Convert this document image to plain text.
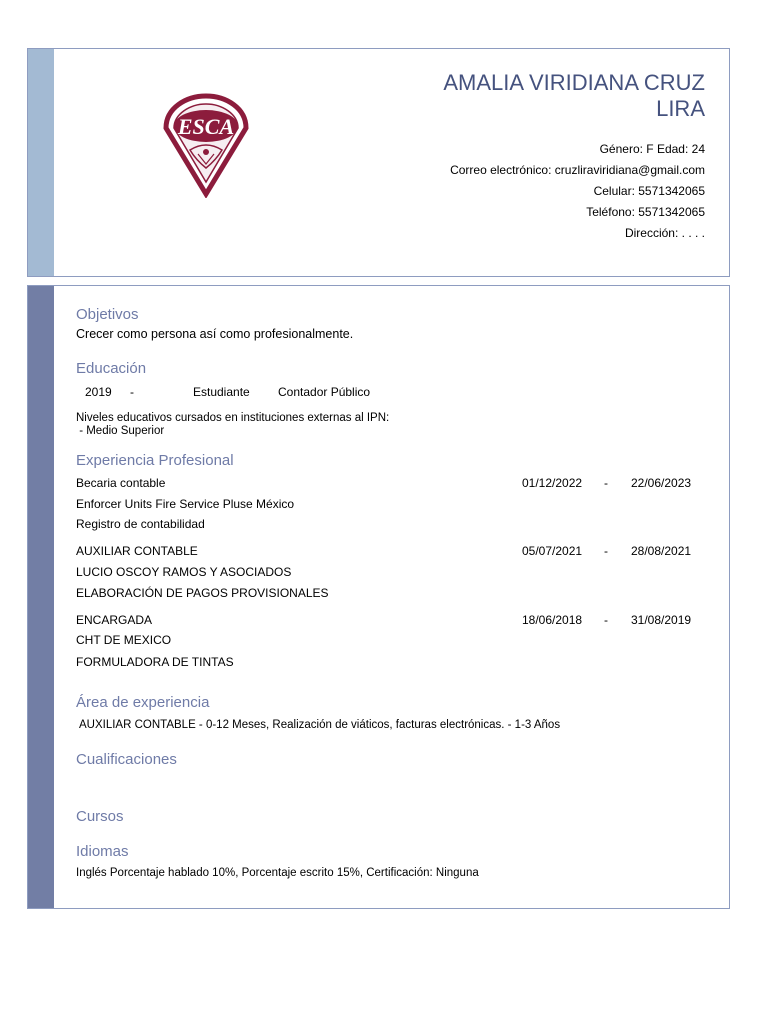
ESCA
AMALIA VIRIDIANA CRUZ
LIRA
Género: F Edad: 24
Correo electrónico: cruzliraviridiana@gmail.com
Celular: 5571342065
Teléfono: 5571342065
Dirección: . . . .
Objetivos
Crecer como persona así como profesionalmente.
Educación
2019 -	Estudiante Contador Público
Niveles educativos cursados en instituciones externas al IPN:
- Medio Superior
Experiencia Profesional
Becaria contable	01/12/2022 - 22/06/2023
Enforcer Units Fire Service Pluse México
Registro de contabilidad
AUXILIAR CONTABLE	05/07/2021 - 28/08/2021
LUCIO OSCOY RAMOS Y ASOCIADOS
ELABORACIÓN DE PAGOS PROVISIONALES
ENCARGADA	18/06/2018 - 31/08/2019
CHT DE MEXICO
FORMULADORA DE TINTAS
Área de experiencia
AUXILIAR CONTABLE - 0-12 Meses, Realización de viáticos, facturas electrónicas. - 1-3 Años
Cualificaciones
Cursos
Idiomas
Inglés Porcentaje hablado 10%, Porcentaje escrito 15%, Certificación: Ninguna
